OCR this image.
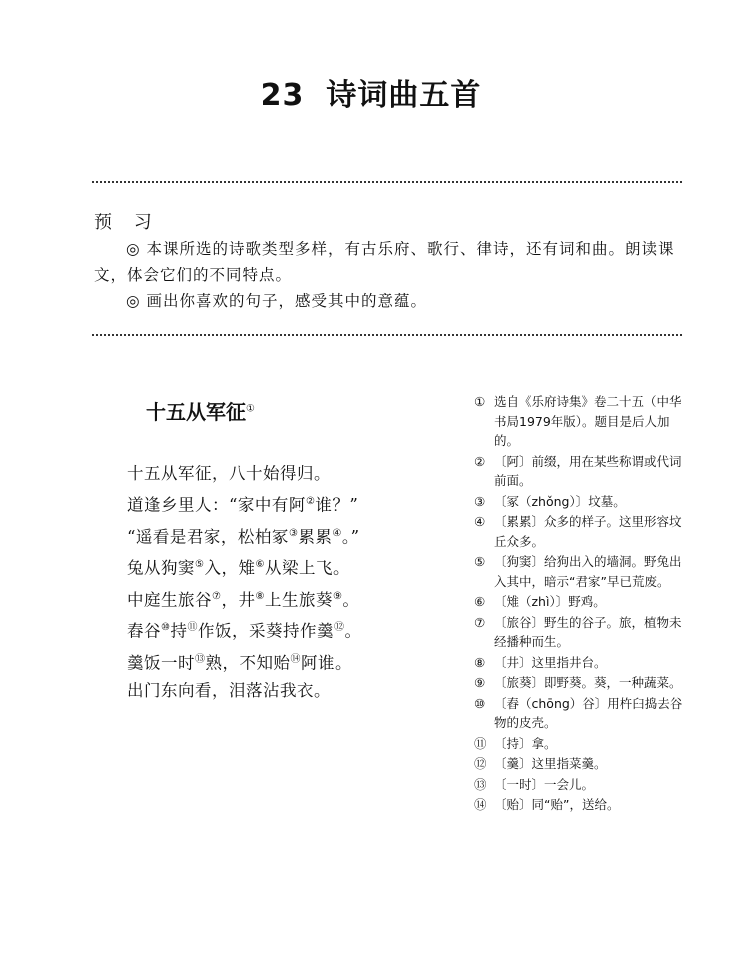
23 诗词曲五首
预 习
◎ 本课所选的诗歌类型多样，有古乐府、歌行、律诗，还有词和曲。朗读课文，体会它们的不同特点。
◎ 画出你喜欢的句子，感受其中的意蕴。
十五从军征①
十五从军征，八十始得归。
道逢乡里人：“家中有阿②谁？”
“遥看是君家，松柏冢③累累④。”
兔从狗窦⑤入，雉⑥从梁上飞。
中庭生旅谷⑦，井⑧上生旅葵⑨。
舂谷⑩持⑪作饭，采葵持作羹⑫。
羹饭一时⑬熟，不知贻⑭阿谁。
出门东向看，泪落沾我衣。
① 选自《乐府诗集》卷二十五（中华书局1979年版）。题目是后人加的。
② 〔阿〕前缀，用在某些称谓或代词前面。
③ 〔冢（zhǒng）〕坟墓。
④ 〔累累〕众多的样子。这里形容坟丘众多。
⑤ 〔狗窦〕给狗出入的墙洞。野兔出入其中，暗示“君家”早已荒废。
⑥ 〔雉（zhì）〕野鸡。
⑦ 〔旅谷〕野生的谷子。旅，植物未经播种而生。
⑧ 〔井〕这里指井台。
⑨ 〔旅葵〕即野葵。葵，一种蔬菜。
⑩ 〔舂（chōng）谷〕用杵臼捣去谷物的皮壳。
⑪ 〔持〕拿。
⑫ 〔羹〕这里指菜羹。
⑬ 〔一时〕一会儿。
⑭ 〔贻〕同“贻”，送给。
